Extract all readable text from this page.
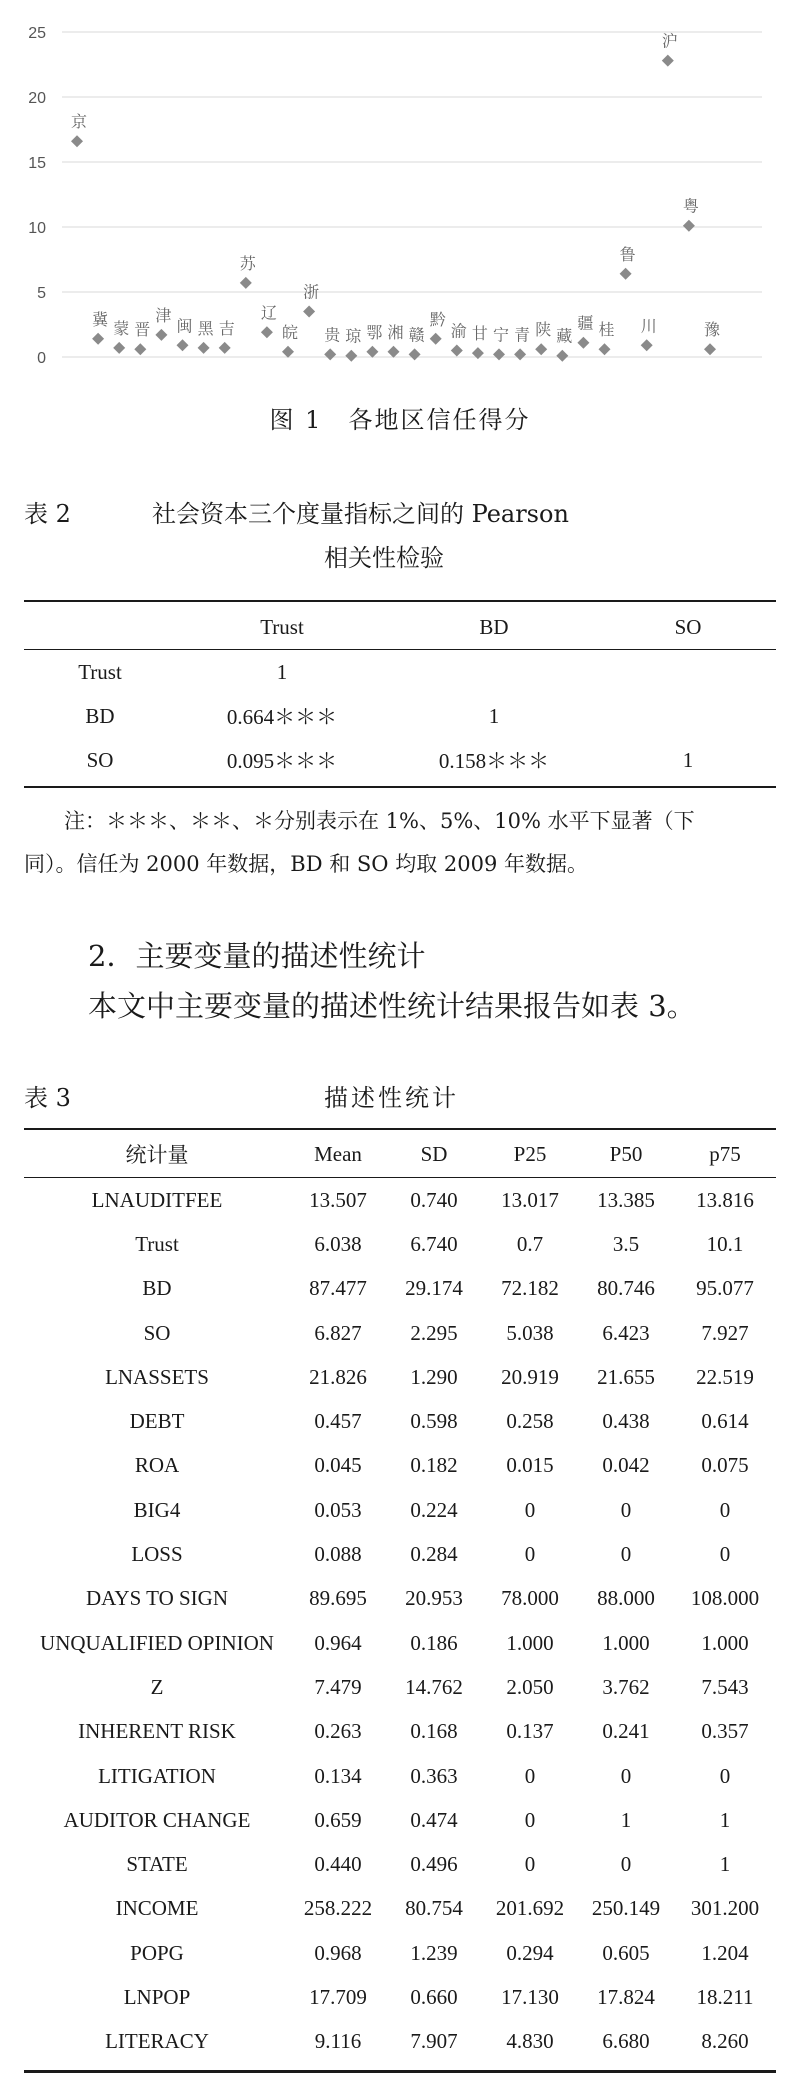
0
5
10
15
20
25
京
冀 蒙 晋
津
闽 黑 吉
苏
辽
皖
浙
贵 琼 鄂 湘 赣
黔
渝 甘 宁 青 陕 藏
疆 桂
鲁
川
沪
粤
豫
图 1　各地区信任得分
表 2	社会资本三个度量指标之间的 Pearson
相关性检验
	Trust	BD	SO

Trust	1		
BD	0.664＊＊＊	1	
SO	0.095＊＊＊	0.158＊＊＊	1
注：＊＊＊、＊＊、＊分别表示在 1%、5%、10% 水平下显著（下
同）。信任为 2000 年数据，BD 和 SO 均取 2009 年数据。
2．主要变量的描述性统计
本文中主要变量的描述性统计结果报告如表 3。
表 3	描述性统计
统计量	Mean	SD	P25	P50	p75

LNAUDITFEE	13.507	0.740	13.017	13.385	13.816
Trust	6.038	6.740	0.7	3.5	10.1
BD	87.477	29.174	72.182	80.746	95.077
SO	6.827	2.295	5.038	6.423	7.927
LNASSETS	21.826	1.290	20.919	21.655	22.519
DEBT	0.457	0.598	0.258	0.438	0.614
ROA	0.045	0.182	0.015	0.042	0.075
BIG4	0.053	0.224	0	0	0
LOSS	0.088	0.284	0	0	0
DAYS TO SIGN	89.695	20.953	78.000	88.000	108.000
UNQUALIFIED OPINION	0.964	0.186	1.000	1.000	1.000
Z	7.479	14.762	2.050	3.762	7.543
INHERENT RISK	0.263	0.168	0.137	0.241	0.357
LITIGATION	0.134	0.363	0	0	0
AUDITOR CHANGE	0.659	0.474	0	1	1
STATE	0.440	0.496	0	0	1
INCOME	258.222	80.754	201.692	250.149	301.200
POPG	0.968	1.239	0.294	0.605	1.204
LNPOP	17.709	0.660	17.130	17.824	18.211
LITERACY	9.116	7.907	4.830	6.680	8.260
